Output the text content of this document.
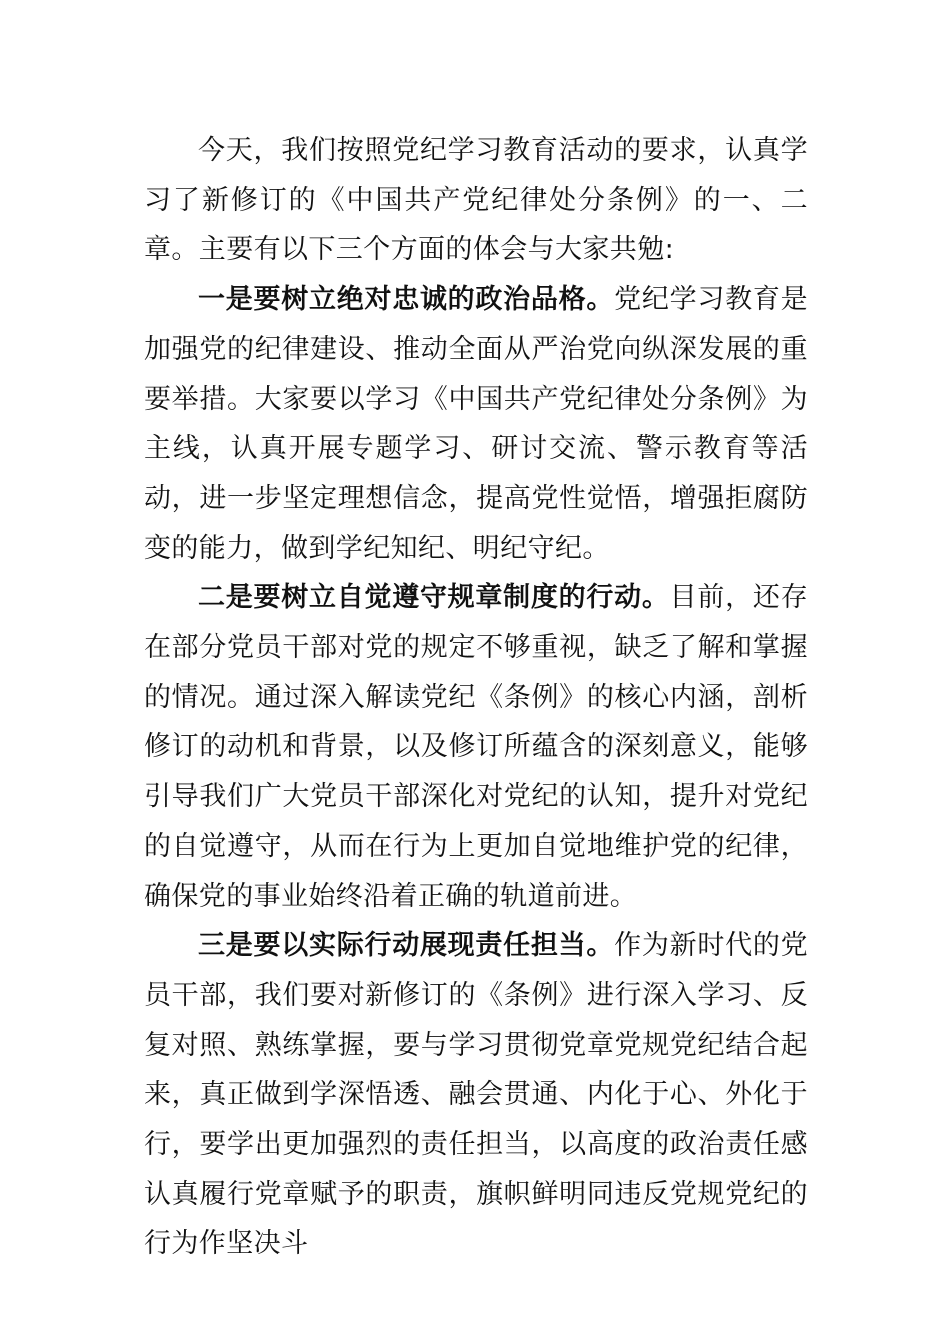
今天，我们按照党纪学习教育活动的要求，认真学习了新修订的《中国共产党纪律处分条例》的一、二章。主要有以下三个方面的体会与大家共勉:

一是要树立绝对忠诚的政治品格。党纪学习教育是加强党的纪律建设、推动全面从严治党向纵深发展的重要举措。大家要以学习《中国共产党纪律处分条例》为主线，认真开展专题学习、研讨交流、警示教育等活动，进一步坚定理想信念，提高党性觉悟，增强拒腐防变的能力，做到学纪知纪、明纪守纪。

二是要树立自觉遵守规章制度的行动。目前，还存在部分党员干部对党的规定不够重视，缺乏了解和掌握的情况。通过深入解读党纪《条例》的核心内涵，剖析修订的动机和背景，以及修订所蕴含的深刻意义，能够引导我们广大党员干部深化对党纪的认知，提升对党纪的自觉遵守，从而在行为上更加自觉地维护党的纪律，确保党的事业始终沿着正确的轨道前进。

三是要以实际行动展现责任担当。作为新时代的党员干部，我们要对新修订的《条例》进行深入学习、反复对照、熟练掌握，要与学习贯彻党章党规党纪结合起来，真正做到学深悟透、融会贯通、内化于心、外化于行，要学出更加强烈的责任担当，以高度的政治责任感认真履行党章赋予的职责，旗帜鲜明同违反党规党纪的行为作坚决斗
